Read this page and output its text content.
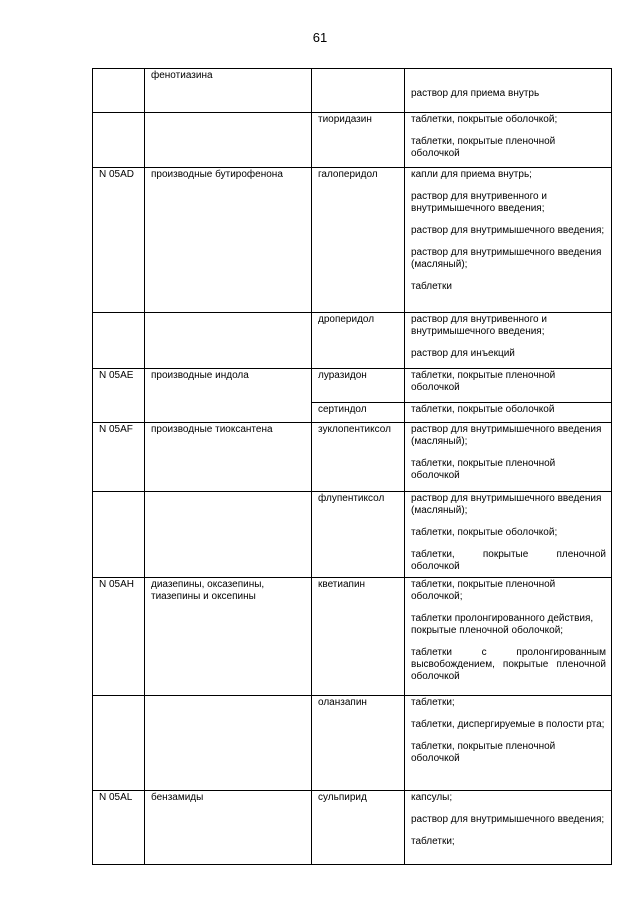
61
	фенотиазина		раствор для приема внутрь

		тиоридазин	таблетки, покрытые оболочкой;
таблетки, покрытые пленочной оболочкой

N 05AD	производные бутирофенона	галоперидол	капли для приема внутрь;
раствор для внутривенного и внутримышечного введения;
раствор для внутримышечного введения;
раствор для внутримышечного введения (масляный);
таблетки

		дроперидол	раствор для внутривенного и внутримышечного введения;
раствор для инъекций

N 05AE	производные индола	луразидон	таблетки, покрытые пленочной оболочкой

		сертиндол	таблетки, покрытые оболочкой

N 05AF	производные тиоксантена	зуклопентиксол	раствор для внутримышечного введения (масляный);
таблетки, покрытые пленочной оболочкой

		флупентиксол	раствор для внутримышечного введения (масляный);
таблетки, покрытые оболочкой;
таблетки, покрытые пленочной оболочкой

N 05AH	диазепины, оксазепины, тиазепины и оксепины	кветиапин	таблетки, покрытые пленочной оболочкой;
таблетки пролонгированного действия, покрытые пленочной оболочкой;
таблетки с пролонгированным высвобождением, покрытые пленочной оболочкой

		оланзапин	таблетки;
таблетки, диспергируемые в полости рта;
таблетки, покрытые пленочной оболочкой

N 05AL	бензамиды	сульпирид	капсулы;
раствор для внутримышечного введения;
таблетки;
